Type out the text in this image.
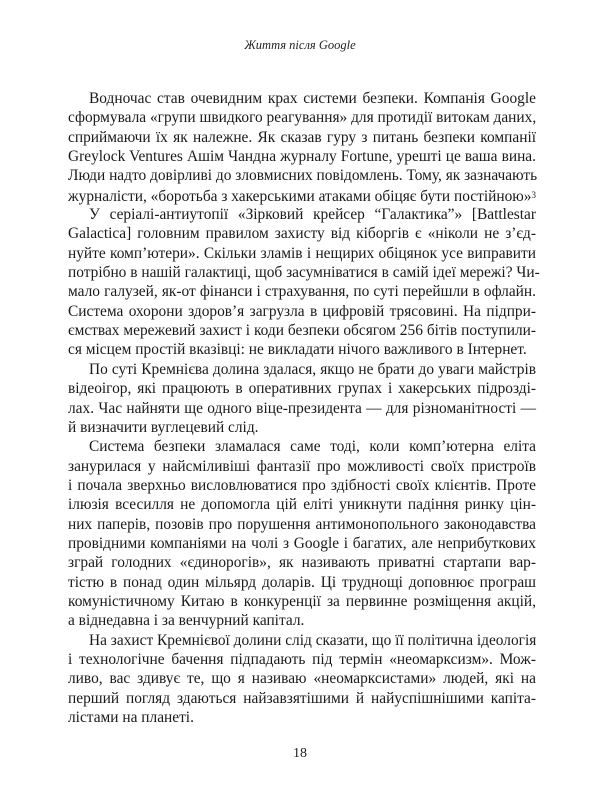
Життя після Google
Водночас став очевидним крах системи безпеки. Компанія Google
сформувала «групи швидкого реагування» для протидії витокам даних,
сприймаючи їх як належне. Як сказав гуру з питань безпеки компанії
Greylock Ventures Ашім Чандна журналу Fortune, урешті це ваша вина.
Люди надто довірливі до зловмисних повідомлень. Тому, як зазначають
журналісти, «боротьба з хакерськими атаками обіцяє бути постійною»$^3$
У серіалі-антиутопії «Зірковий крейсер “Галактика”» [Battlestar
Galactica] головним правилом захисту від кіборгів є «ніколи не з’єд-
нуйте комп’ютери». Скільки зламів і нещирих обіцянок усе виправити
потрібно в нашій галактиці, щоб засумніватися в самій ідеї мережі? Чи-
мало галузей, як-от фінанси і страхування, по суті перейшли в офлайн.
Система охорони здоров’я загрузла в цифровій трясовині. На підпри-
ємствах мережевий захист і коди безпеки обсягом 256 бітів поступили-
ся місцем простій вказівці: не викладати нічого важливого в Інтернет.
По суті Кремнієва долина здалася, якщо не брати до уваги майстрів
відеоігор, які працюють в оперативних групах і хакерських підрозді-
лах. Час найняти ще одного віце-президента — для різноманітності —
й визначити вуглецевий слід.
Система безпеки зламалася саме тоді, коли комп’ютерна еліта
занурилася у найсміливіші фантазії про можливості своїх пристроїв
і почала зверхньо висловлюватися про здібності своїх клієнтів. Проте
ілюзія всесилля не допомогла цій еліті уникнути падіння ринку цін-
них паперів, позовів про порушення антимонопольного законодавства
провідними компаніями на чолі з Google і багатих, але неприбуткових
зграй голодних «єдинорогів», як називають приватні стартапи вар-
тістю в понад один мільярд доларів. Ці труднощі доповнює програш
комуністичному Китаю в конкуренції за первинне розміщення акцій,
а віднедавна і за венчурний капітал.
На захист Кремнієвої долини слід сказати, що її політична ідеологія
і технологічне бачення підпадають під термін «неомарксизм». Мож-
ливо, вас здивує те, що я називаю «неомарксистами» людей, які на
перший погляд здаються найзавзятішими й найуспішнішими капіта-
лістами на планеті.
18
